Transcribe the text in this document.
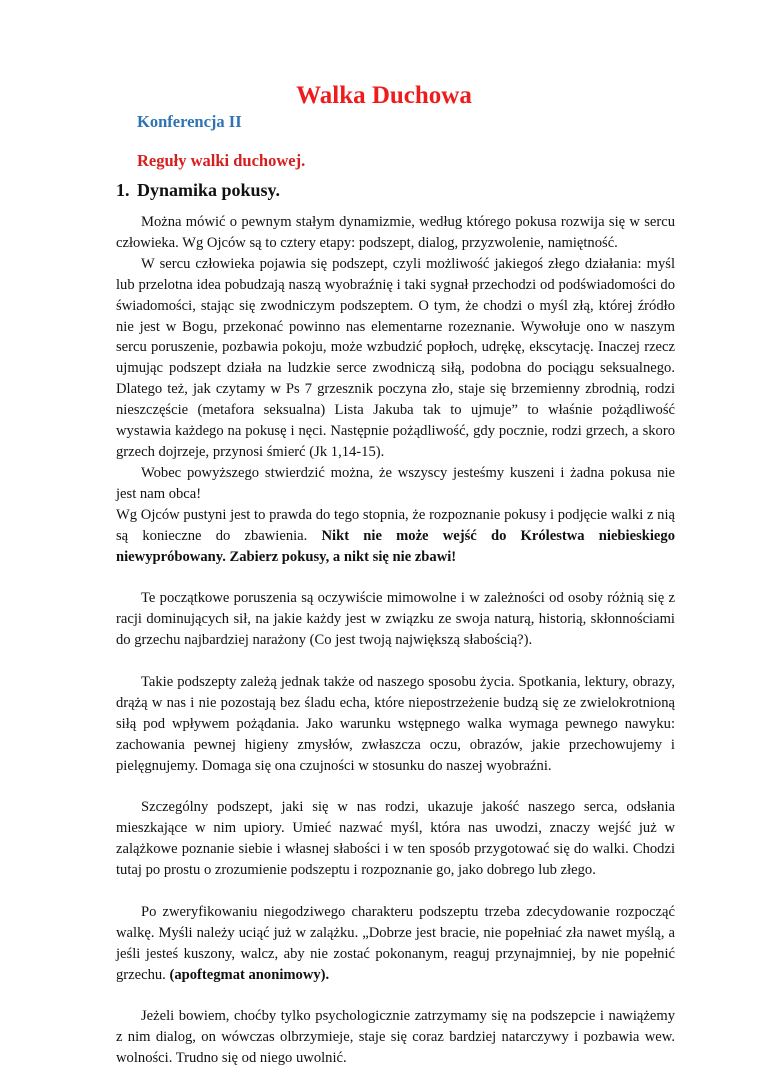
Walka Duchowa
Konferencja II
Reguły walki duchowej.
1. Dynamika pokusy.

Można mówić o pewnym stałym dynamizmie, według którego pokusa rozwija się w sercu człowieka. Wg Ojców są to cztery etapy: podszept, dialog, przyzwolenie, namiętność.

W sercu człowieka pojawia się podszept, czyli możliwość jakiegoś złego działania: myśl lub przelotna idea pobudzają naszą wyobraźnię i taki sygnał przechodzi od podświadomości do świadomości, stając się zwodniczym podszeptem. O tym, że chodzi o myśl złą, której źródło nie jest w Bogu, przekonać powinno nas elementarne rozeznanie. Wywołuje ono w naszym sercu poruszenie, pozbawia pokoju, może wzbudzić popłoch, udrękę, ekscytację. Inaczej rzecz ujmując podszept działa na ludzkie serce zwodniczą siłą, podobna do pociągu seksualnego. Dlatego też, jak czytamy w Ps 7 grzesznik poczyna zło, staje się brzemienny zbrodnią, rodzi nieszczęście (metafora seksualna) Lista Jakuba tak to ujmuje” to właśnie pożądliwość wystawia każdego na pokusę i nęci. Następnie pożądliwość, gdy pocznie, rodzi grzech, a skoro grzech dojrzeje, przynosi śmierć (Jk 1,14-15).

Wobec powyższego stwierdzić można, że wszyscy jesteśmy kuszeni i żadna pokusa nie jest nam obca!

Wg Ojców pustyni jest to prawda do tego stopnia, że rozpoznanie pokusy i podjęcie walki z nią są konieczne do zbawienia. Nikt nie może wejść do Królestwa niebieskiego niewypróbowany. Zabierz pokusy, a nikt się nie zbawi!

Te początkowe poruszenia są oczywiście mimowolne i w zależności od osoby różnią się z racji dominujących sił, na jakie każdy jest w związku ze swoja naturą, historią, skłonnościami do grzechu najbardziej narażony (Co jest twoją największą słabością?).

Takie podszepty zależą jednak także od naszego sposobu życia. Spotkania, lektury, obrazy, drążą w nas i nie pozostają bez śladu echa, które niepostrzeżenie budzą się ze zwielokrotnioną siłą pod wpływem pożądania. Jako warunku wstępnego walka wymaga pewnego nawyku: zachowania pewnej higieny zmysłów, zwłaszcza oczu, obrazów, jakie przechowujemy i pielęgnujemy. Domaga się ona czujności w stosunku do naszej wyobraźni.

Szczególny podszept, jaki się w nas rodzi, ukazuje jakość naszego serca, odsłania mieszkające w nim upiory. Umieć nazwać myśl, która nas uwodzi, znaczy wejść już w zalążkowe poznanie siebie i własnej słabości i w ten sposób przygotować się do walki. Chodzi tutaj po prostu o zrozumienie podszeptu i rozpoznanie go, jako dobrego lub złego.

Po zweryfikowaniu niegodziwego charakteru podszeptu trzeba zdecydowanie rozpocząć walkę. Myśli należy uciąć już w zalążku. „Dobrze jest bracie, nie popełniać zła nawet myślą, a jeśli jesteś kuszony, walcz, aby nie zostać pokonanym, reaguj przynajmniej, by nie popełnić grzechu. (apoftegmat anonimowy).

Jeżeli bowiem, choćby tylko psychologicznie zatrzymamy się na podszepcie i nawiążemy z nim dialog, on wówczas olbrzymieje, staje się coraz bardziej natarczywy i pozbawia wew. wolności. Trudno się od niego uwolnić.
